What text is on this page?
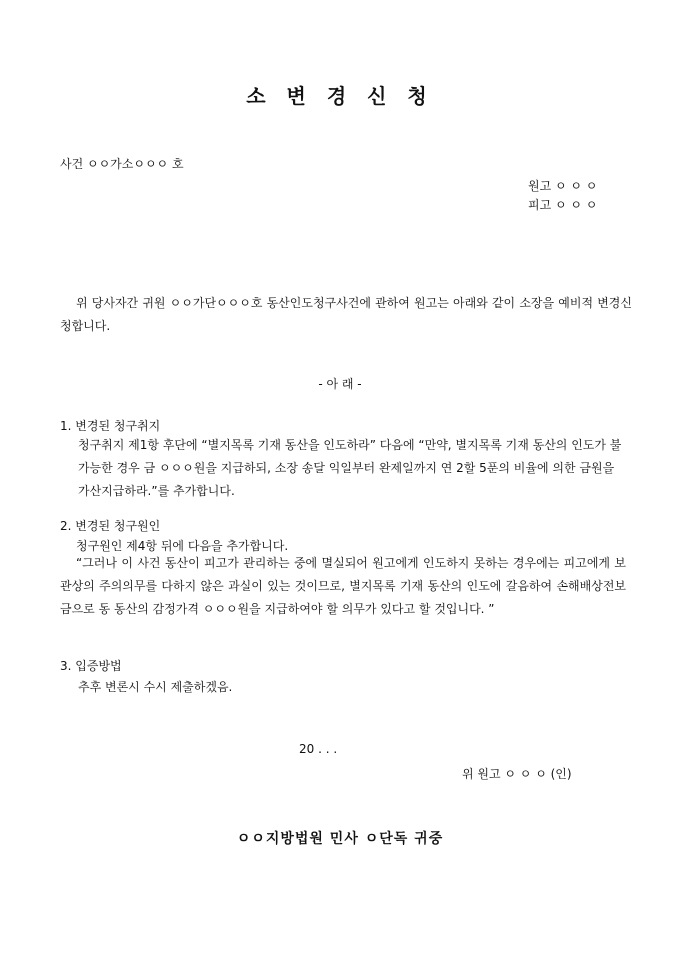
소 변 경 신 청
사건 ㅇㅇ가소ㅇㅇㅇ 호
원고 ㅇ ㅇ ㅇ
피고 ㅇ ㅇ ㅇ
위 당사자간 귀원 ㅇㅇ가단ㅇㅇㅇ호 동산인도청구사건에 관하여 원고는 아래와 같이 소장을 예비적 변경신청합니다.
- 아 래 -
1. 변경된 청구취지
청구취지 제1항 후단에 “별지목록 기재 동산을 인도하라” 다음에 “만약, 별지목록 기재 동산의 인도가 불가능한 경우 금 ㅇㅇㅇ원을 지급하되, 소장 송달 익일부터 완제일까지 연 2할 5푼의 비율에 의한 금원을 가산지급하라.”를 추가합니다.
2. 변경된 청구원인
청구원인 제4항 뒤에 다음을 추가합니다.
“그러나 이 사건 동산이 피고가 관리하는 중에 멸실되어 원고에게 인도하지 못하는 경우에는 피고에게 보관상의 주의의무를 다하지 않은 과실이 있는 것이므로, 별지목록 기재 동산의 인도에 갈음하여 손해배상전보금으로 동 동산의 감정가격 ㅇㅇㅇ원을 지급하여야 할 의무가 있다고 할 것입니다. ”
3. 입증방법
추후 변론시 수시 제출하겠음.
20 . . .
위 원고 ㅇ ㅇ ㅇ (인)
ㅇㅇ지방법원 민사 ㅇ단독 귀중
